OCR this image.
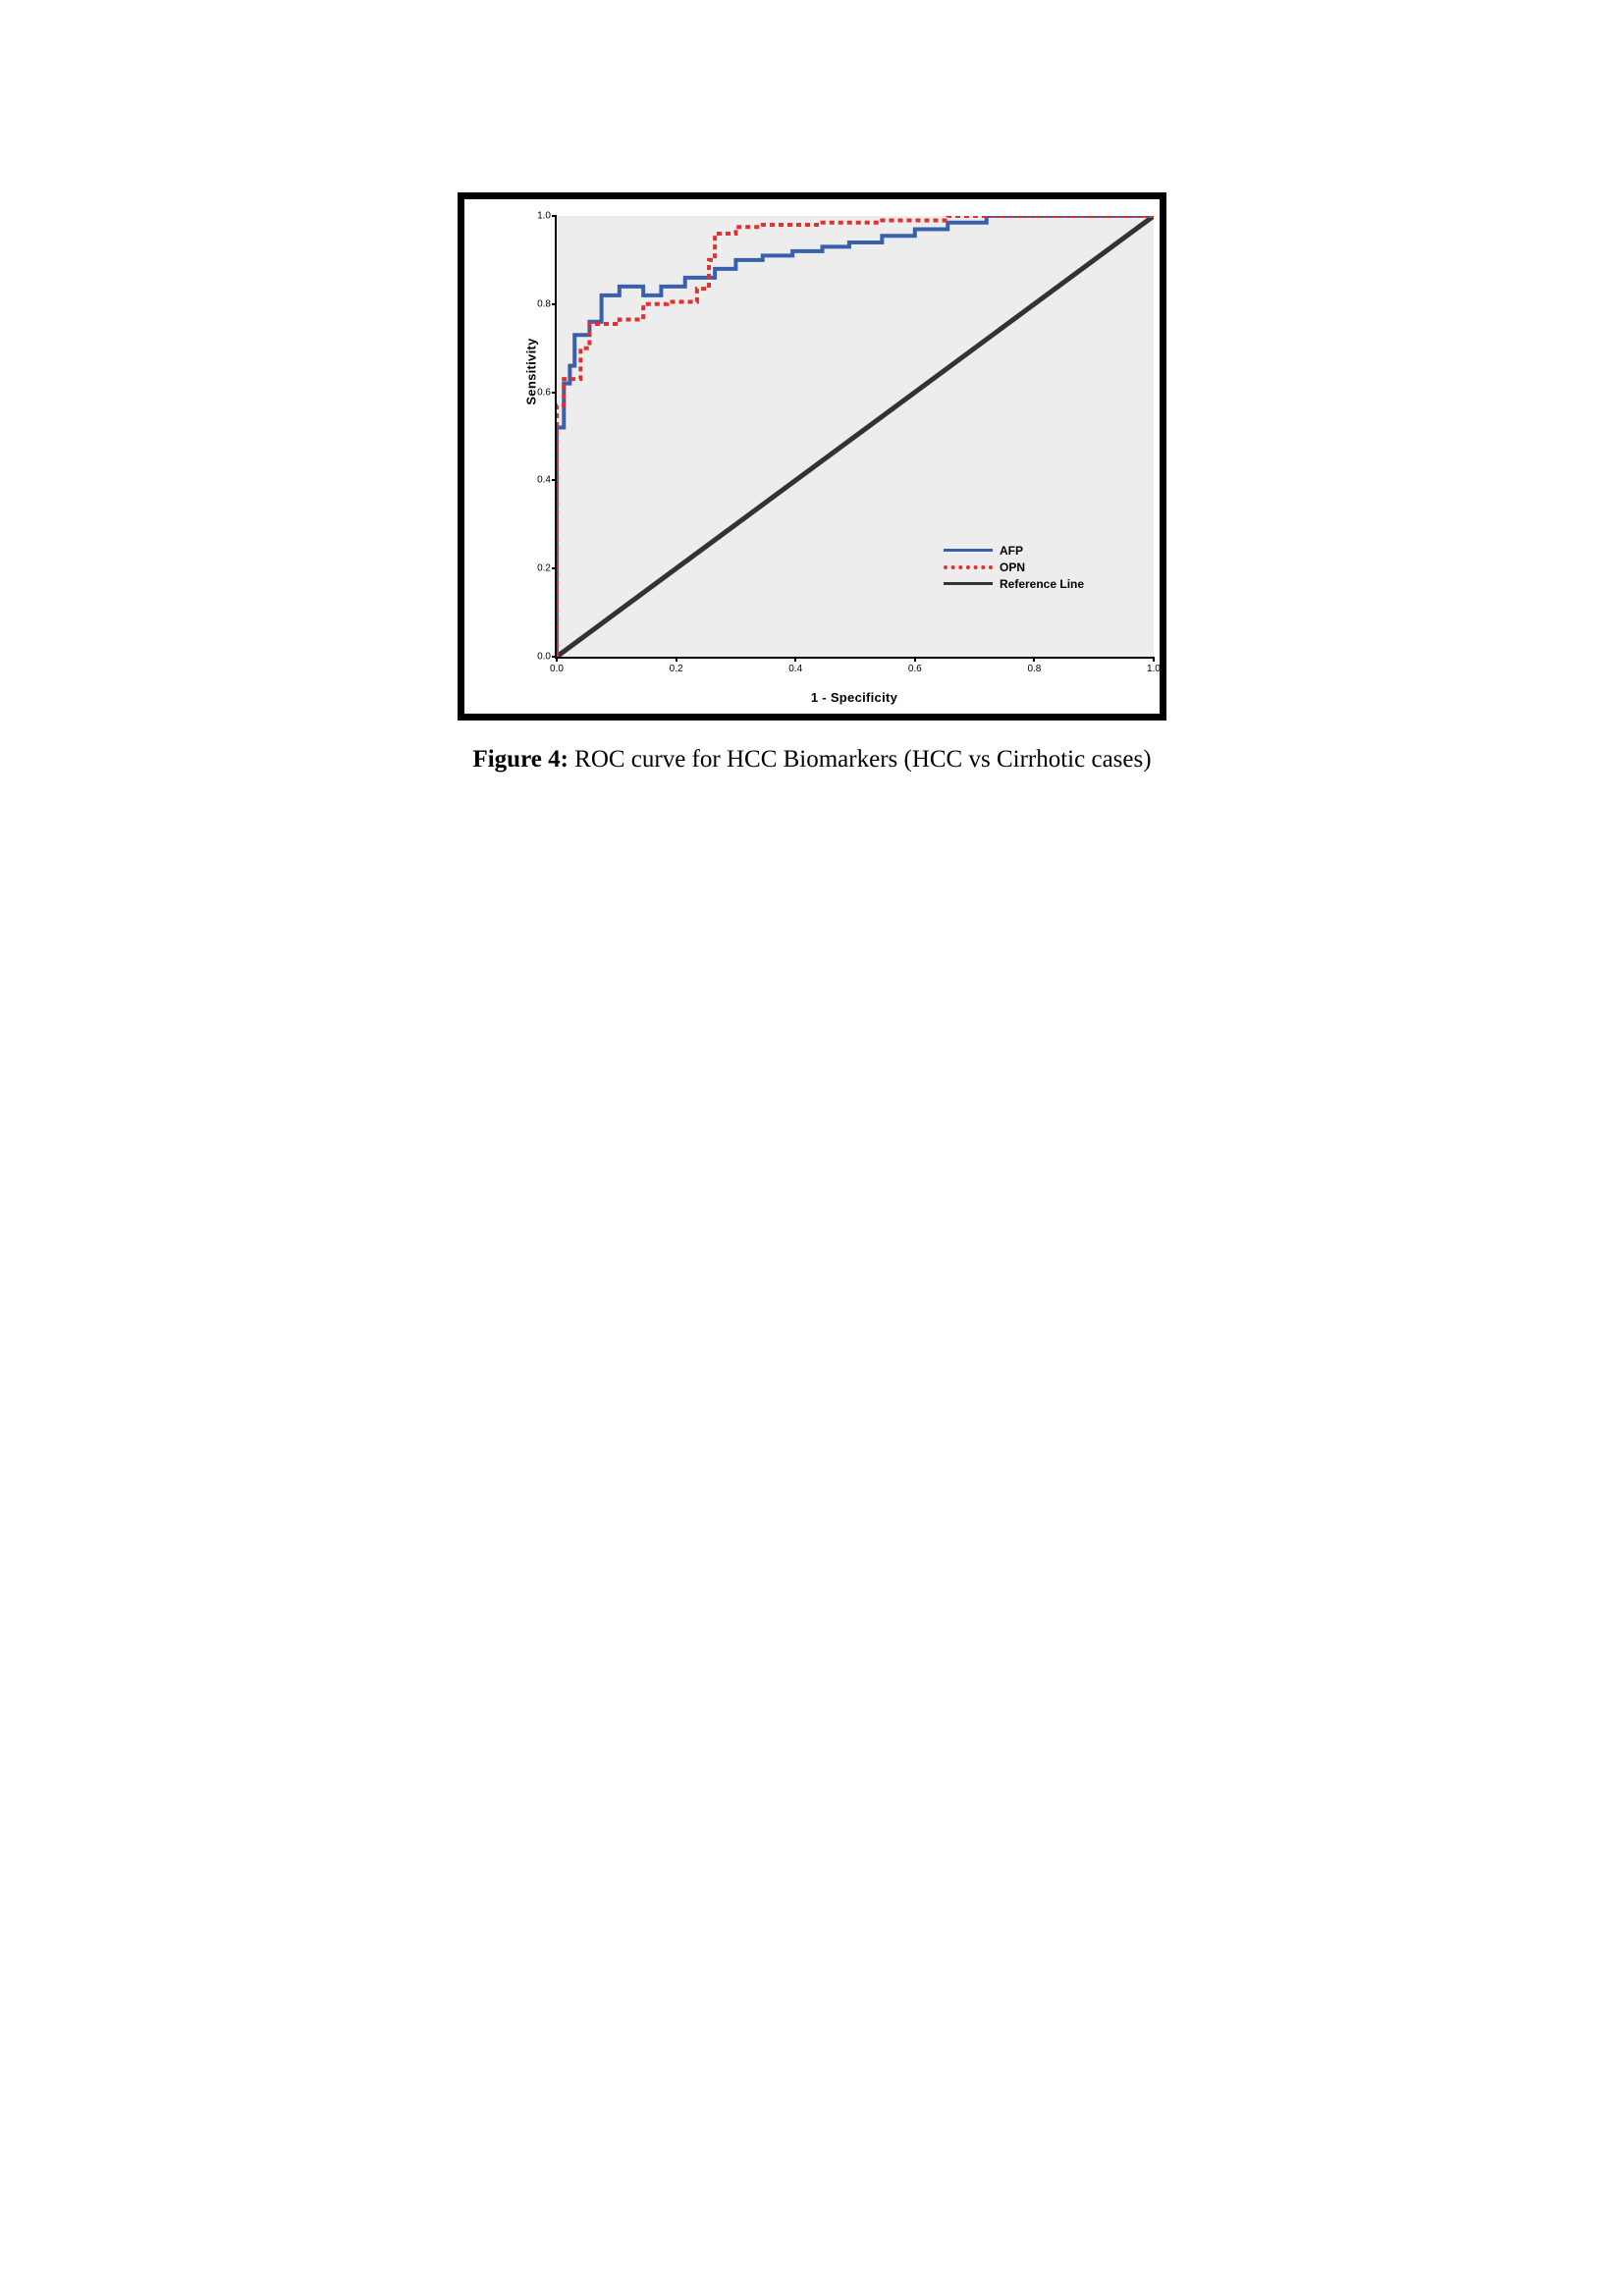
Sensitivity
0.0
0.2
0.4
0.6
0.8
1.0
0.0	0.2	0.4	0.6	0.8	1.0
AFP
OPN
Reference Line
1 - Specificity
Figure 4: ROC curve for HCC Biomarkers (HCC vs Cirrhotic cases)
